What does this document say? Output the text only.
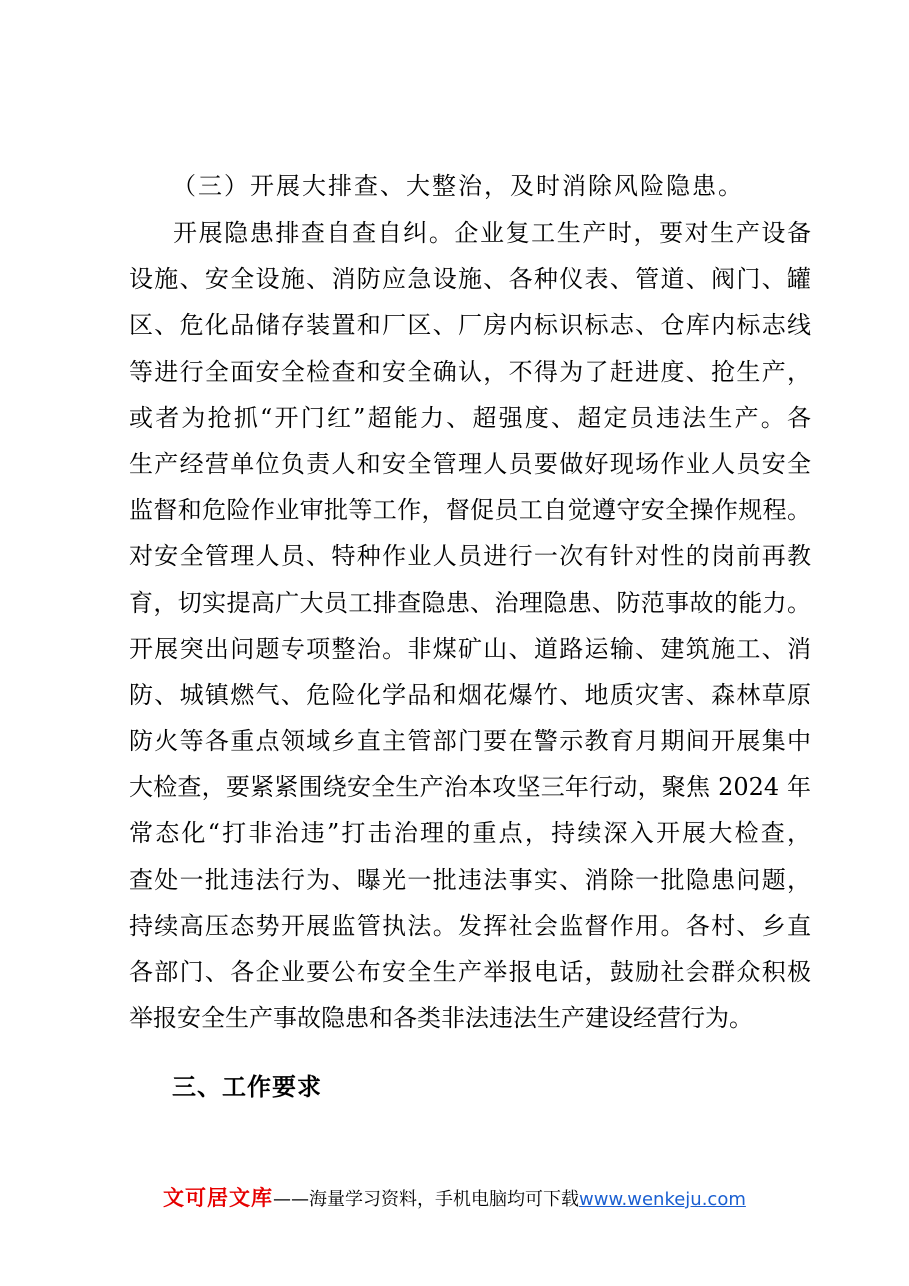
（三）开展大排查、大整治，及时消除风险隐患。
开展隐患排查自查自纠。企业复工生产时，要对生产设备
设施、安全设施、消防应急设施、各种仪表、管道、阀门、罐
区、危化品储存装置和厂区、厂房内标识标志、仓库内标志线
等进行全面安全检查和安全确认，不得为了赶进度、抢生产，
或者为抢抓“开门红”超能力、超强度、超定员违法生产。各
生产经营单位负责人和安全管理人员要做好现场作业人员安全
监督和危险作业审批等工作，督促员工自觉遵守安全操作规程。
对安全管理人员、特种作业人员进行一次有针对性的岗前再教
育，切实提高广大员工排查隐患、治理隐患、防范事故的能力。
开展突出问题专项整治。非煤矿山、道路运输、建筑施工、消
防、城镇燃气、危险化学品和烟花爆竹、地质灾害、森林草原
防火等各重点领域乡直主管部门要在警示教育月期间开展集中
大检查，要紧紧围绕安全生产治本攻坚三年行动，聚焦 2024 年
常态化“打非治违”打击治理的重点，持续深入开展大检查，
查处一批违法行为、曝光一批违法事实、消除一批隐患问题，
持续高压态势开展监管执法。发挥社会监督作用。各村、乡直
各部门、各企业要公布安全生产举报电话，鼓励社会群众积极
举报安全生产事故隐患和各类非法违法生产建设经营行为。
三、工作要求
文可居文库——海量学习资料，手机电脑均可下载www.wenkeju.com
